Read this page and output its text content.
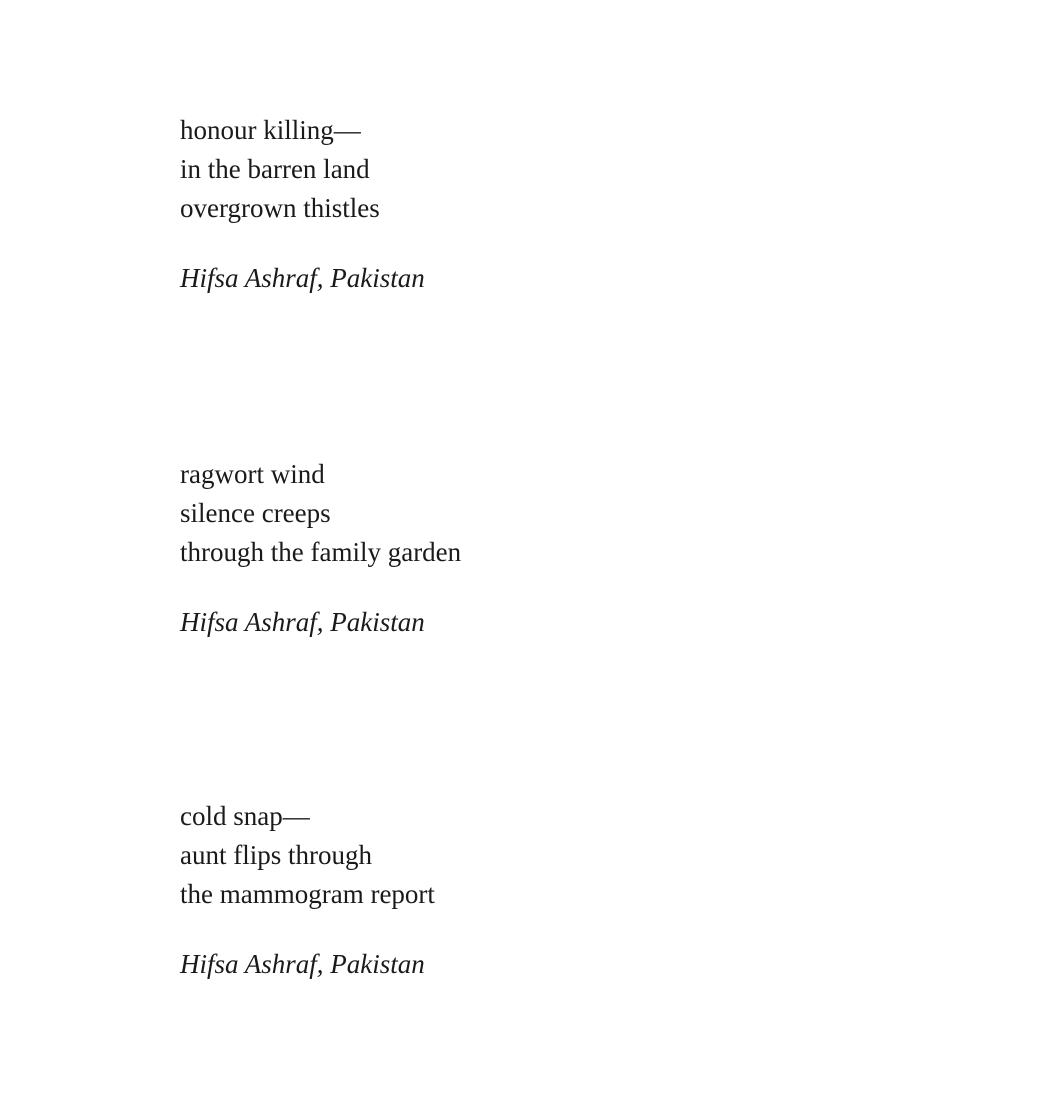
honour killing—
in the barren land
overgrown thistles
Hifsa Ashraf, Pakistan
ragwort wind
silence creeps
through the family garden
Hifsa Ashraf, Pakistan
cold snap—
aunt flips through
the mammogram report
Hifsa Ashraf, Pakistan
